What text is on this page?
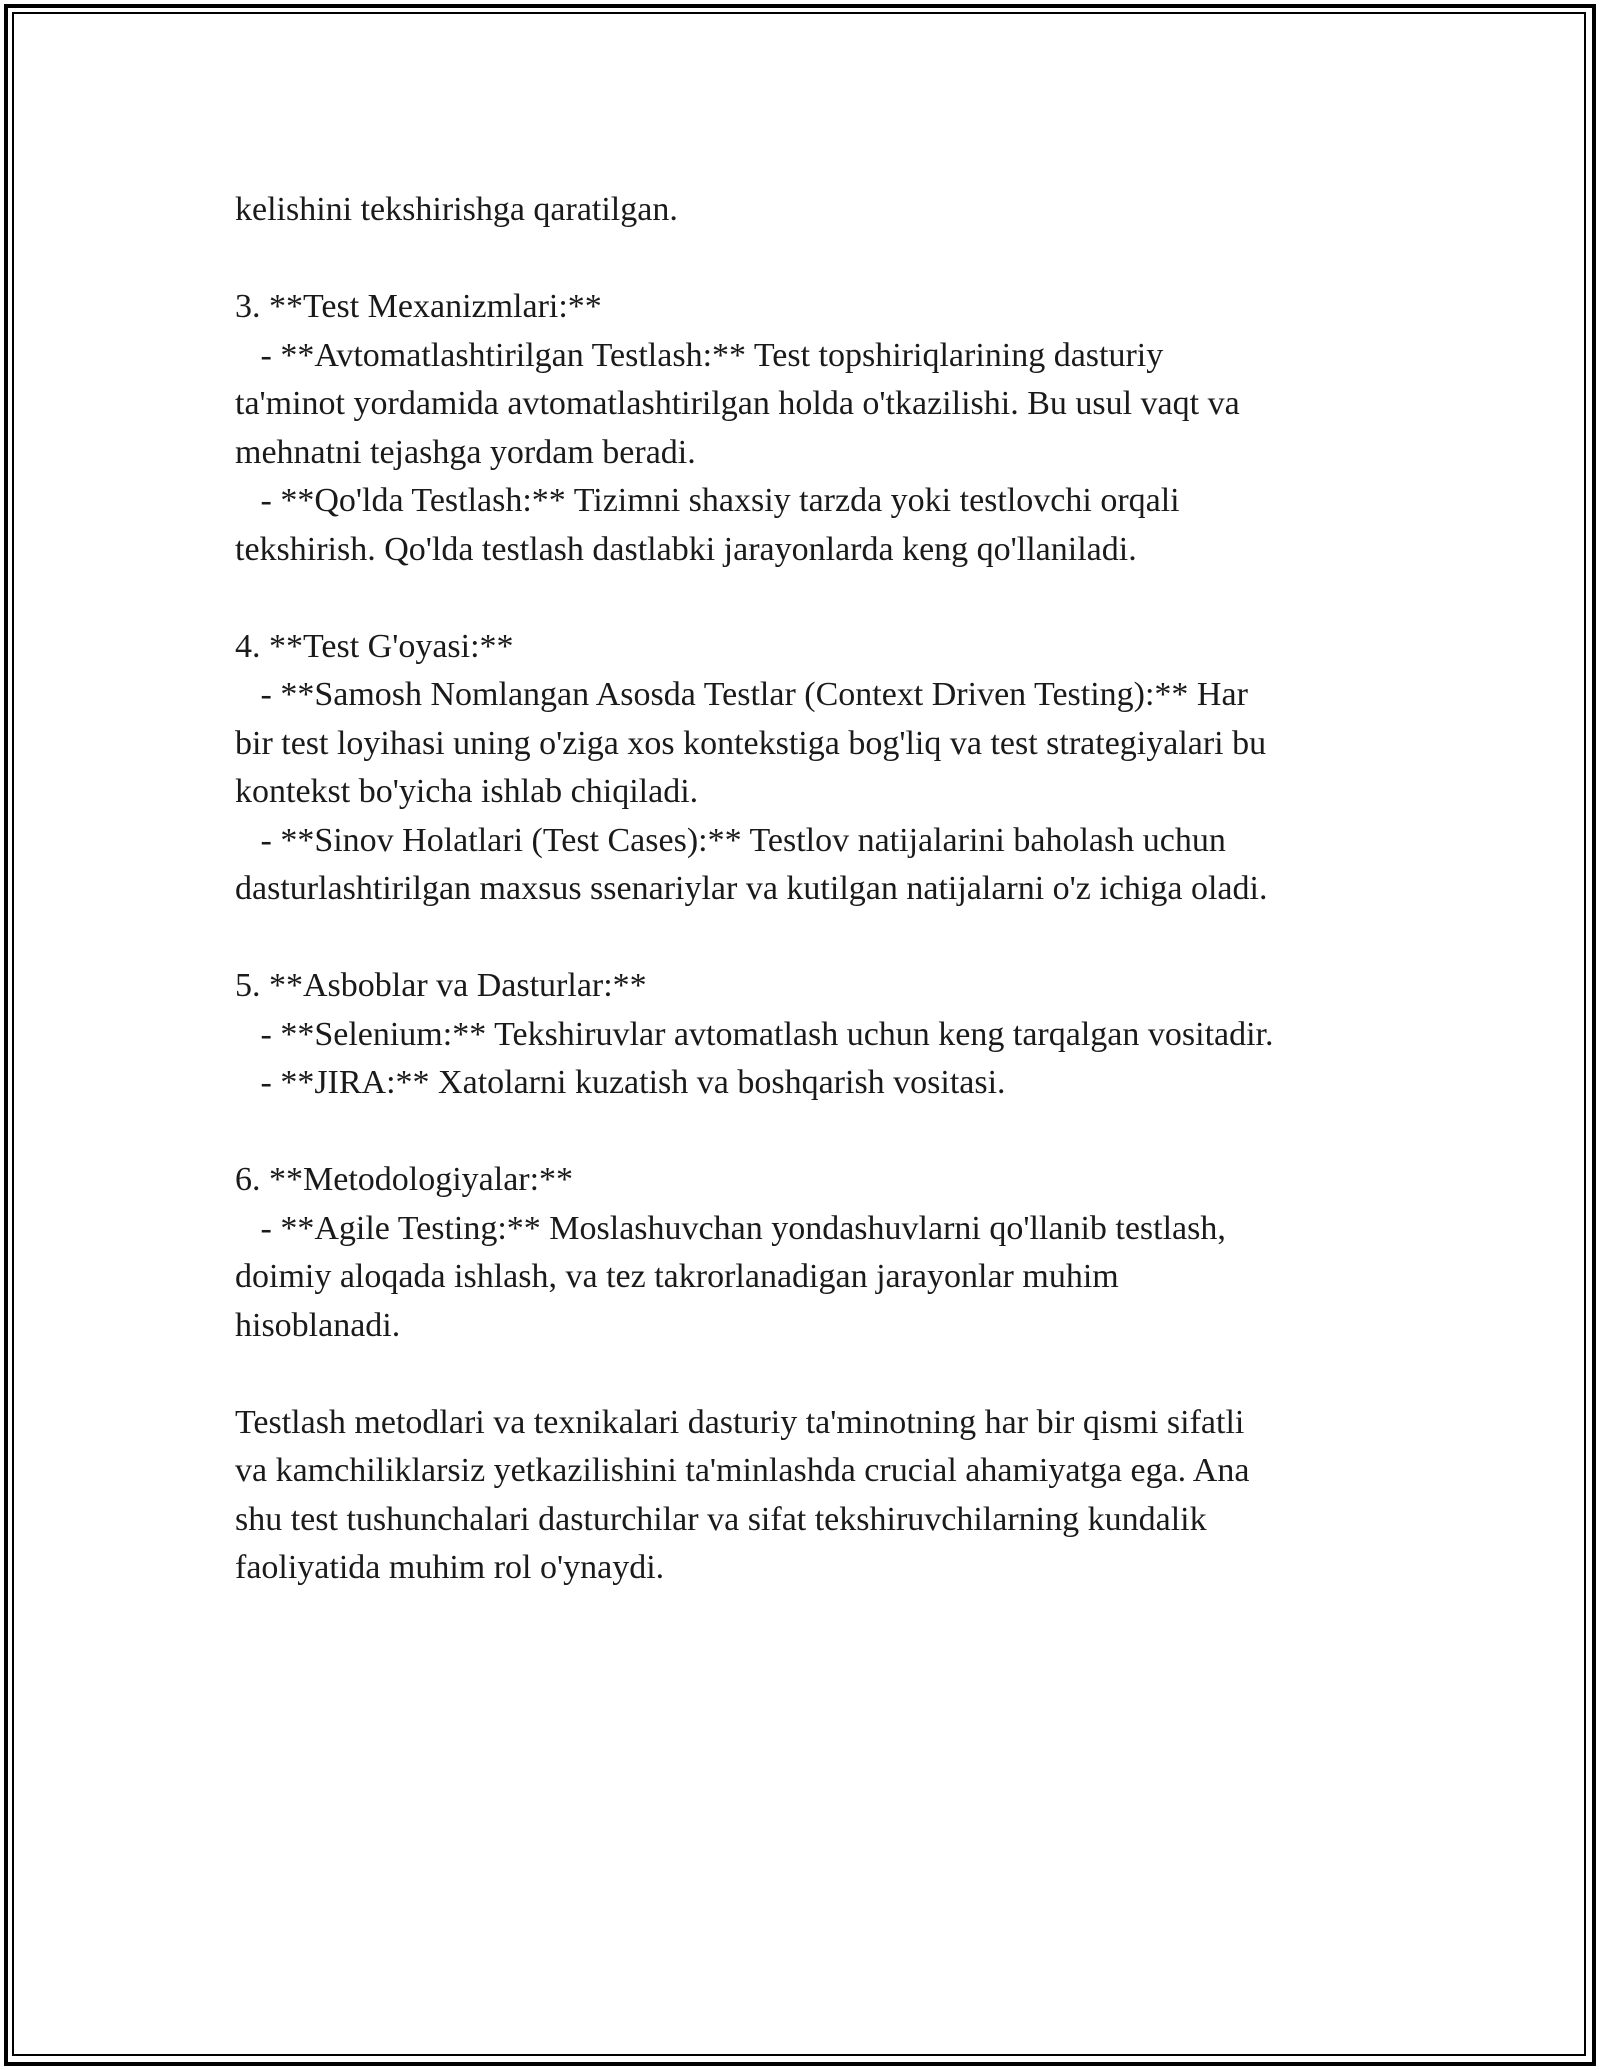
kelishini tekshirishga qaratilgan.
3. **Test Mexanizmlari:**
- **Avtomatlashtirilgan Testlash:** Test topshiriqlarining dasturiy
ta'minot yordamida avtomatlashtirilgan holda o'tkazilishi. Bu usul vaqt va
mehnatni tejashga yordam beradi.
- **Qo'lda Testlash:** Tizimni shaxsiy tarzda yoki testlovchi orqali
tekshirish. Qo'lda testlash dastlabki jarayonlarda keng qo'llaniladi.
4. **Test G'oyasi:**
- **Samosh Nomlangan Asosda Testlar (Context Driven Testing):** Har
bir test loyihasi uning o'ziga xos kontekstiga bog'liq va test strategiyalari bu
kontekst bo'yicha ishlab chiqiladi.
- **Sinov Holatlari (Test Cases):** Testlov natijalarini baholash uchun
dasturlashtirilgan maxsus ssenariylar va kutilgan natijalarni o'z ichiga oladi.
5. **Asboblar va Dasturlar:**
- **Selenium:** Tekshiruvlar avtomatlash uchun keng tarqalgan vositadir.
- **JIRA:** Xatolarni kuzatish va boshqarish vositasi.
6. **Metodologiyalar:**
- **Agile Testing:** Moslashuvchan yondashuvlarni qo'llanib testlash,
doimiy aloqada ishlash, va tez takrorlanadigan jarayonlar muhim
hisoblanadi.
Testlash metodlari va texnikalari dasturiy ta'minotning har bir qismi sifatli
va kamchiliklarsiz yetkazilishini ta'minlashda crucial ahamiyatga ega. Ana
shu test tushunchalari dasturchilar va sifat tekshiruvchilarning kundalik
faoliyatida muhim rol o'ynaydi.
